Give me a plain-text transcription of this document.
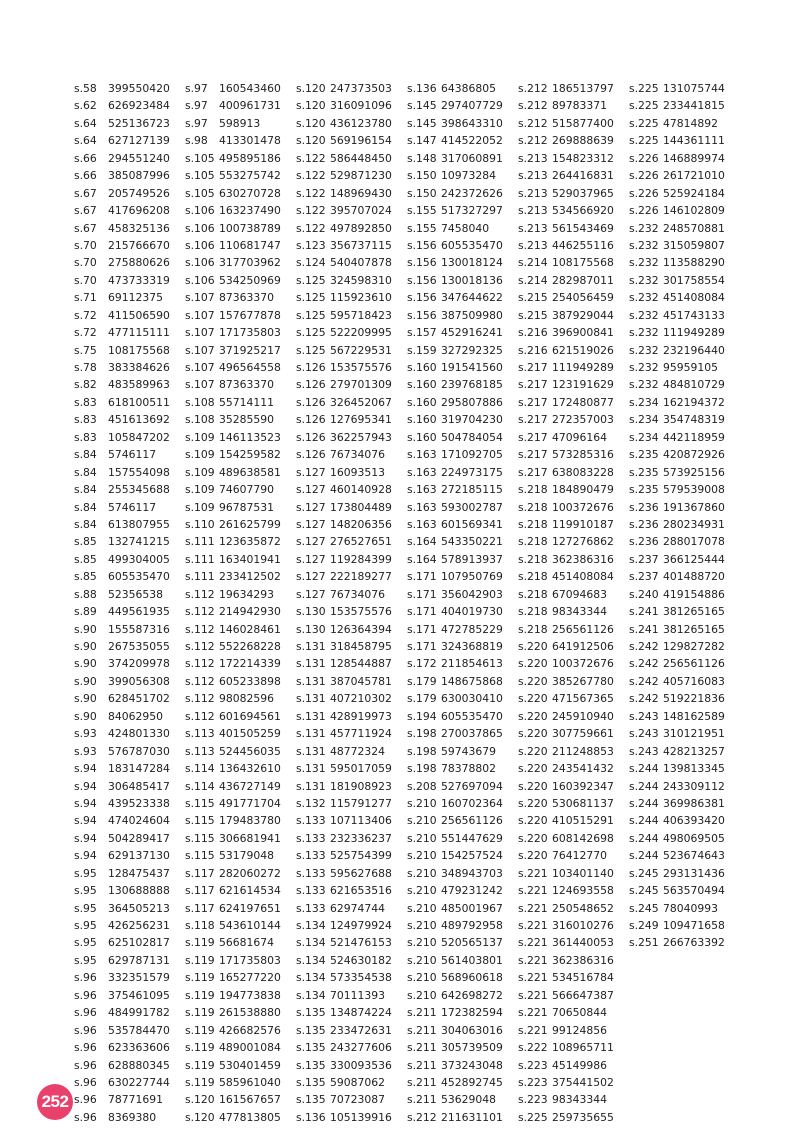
s.58	399550420
s.62	626923484
s.64	525136723
s.64	627127139
s.66	294551240
s.66	385087996
s.67	205749526
s.67	417696208
s.67	458325136
s.70	215766670
s.70	275880626
s.70	473733319
s.71	69112375
s.72	411506590
s.72	477115111
s.75	108175568
s.78	383384626
s.82	483589963
s.83	618100511
s.83	451613692
s.83	105847202
s.84	5746117
s.84	157554098
s.84	255345688
s.84	5746117
s.84	613807955
s.85	132741215
s.85	499304005
s.85	605535470
s.88	52356538
s.89	449561935
s.90	155587316
s.90	267535055
s.90	374209978
s.90	399056308
s.90	628451702
s.90	84062950
s.93	424801330
s.93	576787030
s.94	183147284
s.94	306485417
s.94	439523338
s.94	474024604
s.94	504289417
s.94	629137130
s.95	128475437
s.95	130688888
s.95	364505213
s.95	426256231
s.95	625102817
s.95	629787131
s.96	332351579
s.96	375461095
s.96	484991782
s.96	535784470
s.96	623363606
s.96	628880345
s.96	630227744
s.96	78771691
s.96	8369380
s.97	160543460
s.97	400961731
s.97	598913
s.98	413301478
s.105 495895186
s.105 553275742
s.105 630270728
s.106 163237490
s.106 100738789
s.106 110681747
s.106 317703962
s.106 534250969
s.107 87363370
s.107 157677878
s.107 171735803
s.107 371925217
s.107 496564558
s.107 87363370
s.108 55714111
s.108 35285590
s.109 146113523
s.109 154259582
s.109 489638581
s.109 74607790
s.109 96787531
s.110 261625799
s.111 123635872
s.111 163401941
s.111 233412502
s.112 19634293
s.112 214942930
s.112 146028461
s.112 552268228
s.112 172214339
s.112 605233898
s.112 98082596
s.112 601694561
s.113 401505259
s.113 524456035
s.114 136432610
s.114 436727149
s.115 491771704
s.115 179483780
s.115 306681941
s.115 53179048
s.117 282060272
s.117 621614534
s.117 624197651
s.118 543610144
s.119 56681674
s.119 171735803
s.119 165277220
s.119 194773838
s.119 261538880
s.119 426682576
s.119 489001084
s.119 530401459
s.119 585961040
s.120 161567657
s.120 477813805
s.120 247373503
s.120 316091096
s.120 436123780
s.120 569196154
s.122 586448450
s.122 529871230
s.122 148969430
s.122 395707024
s.122 497892850
s.123 356737115
s.124 540407878
s.125 324598310
s.125 115923610
s.125 595718423
s.125 522209995
s.125 567229531
s.126 153575576
s.126 279701309
s.126 326452067
s.126 127695341
s.126 362257943
s.126 76734076
s.127 16093513
s.127 460140928
s.127 173804489
s.127 148206356
s.127 276527651
s.127 119284399
s.127 222189277
s.127 76734076
s.130 153575576
s.130 126364394
s.131 318458795
s.131 128544887
s.131 387045781
s.131 407210302
s.131 428919973
s.131 457711924
s.131 48772324
s.131 595017059
s.131 181908923
s.132 115791277
s.133 107113406
s.133 232336237
s.133 525754399
s.133 595627688
s.133 621653516
s.133 62974744
s.134 124979924
s.134 521476153
s.134 524630182
s.134 573354538
s.134 70111393
s.135 134874224
s.135 233472631
s.135 243277606
s.135 330093536
s.135 59087062
s.135 70723087
s.136 105139916
s.136 64386805
s.145 297407729
s.145 398643310
s.147 414522052
s.148 317060891
s.150 10973284
s.150 242372626
s.155 517327297
s.155 7458040
s.156 605535470
s.156 130018124
s.156 130018136
s.156 347644622
s.156 387509980
s.157 452916241
s.159 327292325
s.160 191541560
s.160 239768185
s.160 295807886
s.160 319704230
s.160 504784054
s.163 171092705
s.163 224973175
s.163 272185115
s.163 593002787
s.163 601569341
s.164 543350221
s.164 578913937
s.171 107950769
s.171 356042903
s.171 404019730
s.171 472785229
s.171 324368819
s.172 211854613
s.179 148675868
s.179 630030410
s.194 605535470
s.198 270037865
s.198 59743679
s.198 78378802
s.208 527697094
s.210 160702364
s.210 256561126
s.210 551447629
s.210 154257524
s.210 348943703
s.210 479231242
s.210 485001967
s.210 489792958
s.210 520565137
s.210 561403801
s.210 568960618
s.210 642698272
s.211 172382594
s.211 304063016
s.211 305739509
s.211 373243048
s.211 452892745
s.211 53629048
s.212 211631101
s.212 186513797
s.212 89783371
s.212 515877400
s.212 269888639
s.213 154823312
s.213 264416831
s.213 529037965
s.213 534566920
s.213 561543469
s.213 446255116
s.214 108175568
s.214 282987011
s.215 254056459
s.215 387929044
s.216 396900841
s.216 621519026
s.217 111949289
s.217 123191629
s.217 172480877
s.217 272357003
s.217 47096164
s.217 573285316
s.217 638083228
s.218 184890479
s.218 100372676
s.218 119910187
s.218 127276862
s.218 362386316
s.218 451408084
s.218 67094683
s.218 98343344
s.218 256561126
s.220 641912506
s.220 100372676
s.220 385267780
s.220 471567365
s.220 245910940
s.220 307759661
s.220 211248853
s.220 243541432
s.220 160392347
s.220 530681137
s.220 410515291
s.220 608142698
s.220 76412770
s.221 103401140
s.221 124693558
s.221 250548652
s.221 316010276
s.221 361440053
s.221 362386316
s.221 534516784
s.221 566647387
s.221 70650844
s.221 99124856
s.222 108965711
s.223 45149986
s.223 375441502
s.223 98343344
s.225 259735655
s.225 131075744
s.225 233441815
s.225 47814892
s.225 144361111
s.226 146889974
s.226 261721010
s.226 525924184
s.226 146102809
s.232 248570881
s.232 315059807
s.232 113588290
s.232 301758554
s.232 451408084
s.232 451743133
s.232 111949289
s.232 232196440
s.232 95959105
s.232 484810729
s.234 162194372
s.234 354748319
s.234 442118959
s.235 420872926
s.235 573925156
s.235 579539008
s.236 191367860
s.236 280234931
s.236 288017078
s.237 366125444
s.237 401488720
s.240 419154886
s.241 381265165
s.241 381265165
s.242 129827282
s.242 256561126
s.242 405716083
s.242 519221836
s.243 148162589
s.243 310121951
s.243 428213257
s.244 139813345
s.244 243309112
s.244 369986381
s.244 406393420
s.244 498069505
s.244 523674643
s.245 293131436
s.245 563570494
s.245 78040993
s.249 109471658
s.251 266763392
252
